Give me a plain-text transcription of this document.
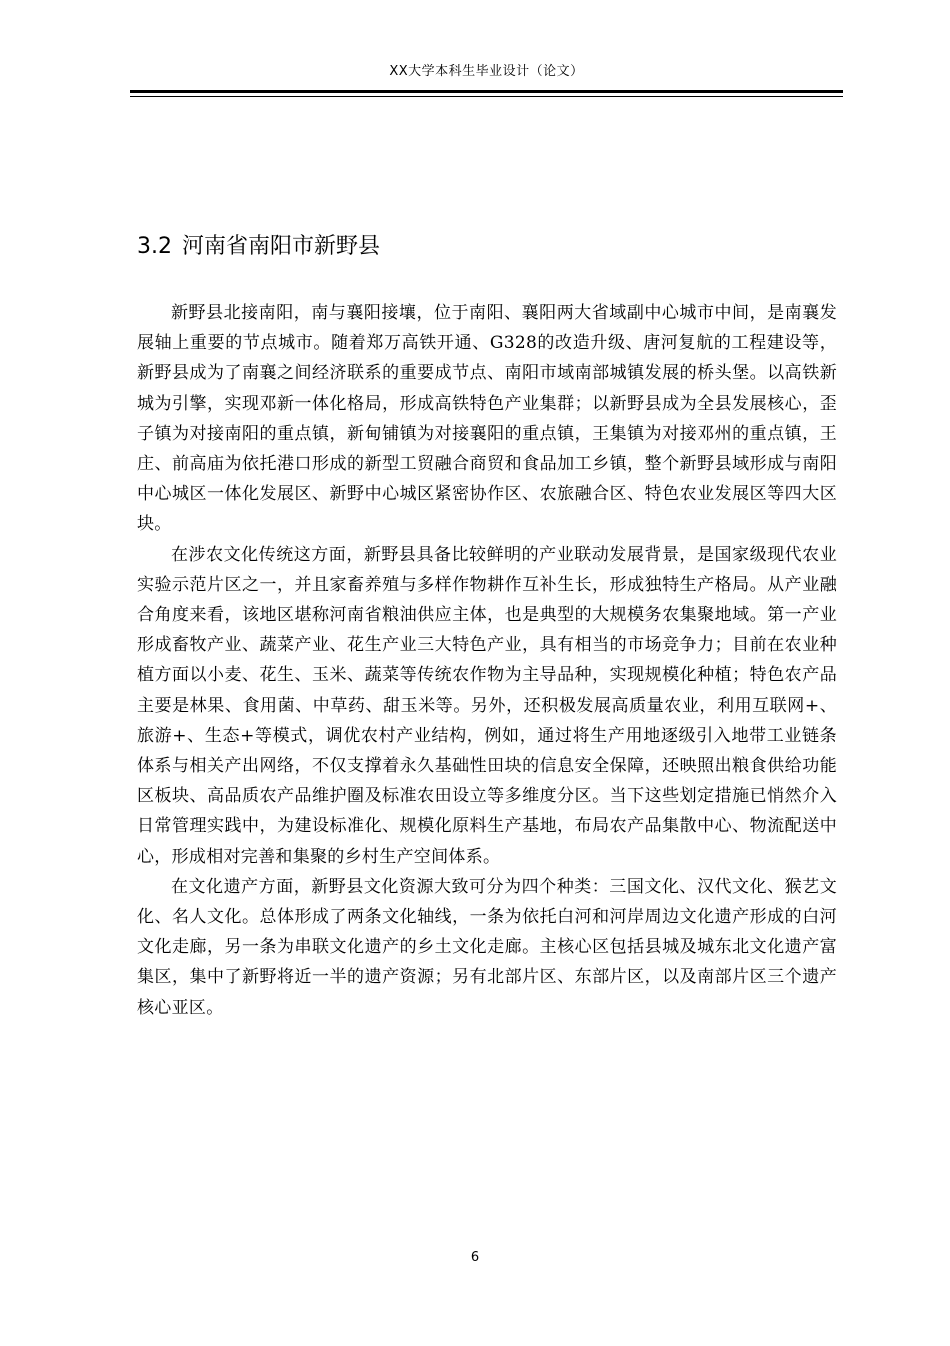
XX大学本科生毕业设计（论文）
3.2 河南省南阳市新野县

新野县北接南阳，南与襄阳接壤，位于南阳、襄阳两大省域副中心城市中间，是南襄发展轴上重要的节点城市。随着郑万高铁开通、G328的改造升级、唐河复航的工程建设等，新野县成为了南襄之间经济联系的重要成节点、南阳市域南部城镇发展的桥头堡。以高铁新城为引擎，实现邓新一体化格局，形成高铁特色产业集群；以新野县成为全县发展核心，歪子镇为对接南阳的重点镇，新甸铺镇为对接襄阳的重点镇，王集镇为对接邓州的重点镇，王庄、前高庙为依托港口形成的新型工贸融合商贸和食品加工乡镇，整个新野县域形成与南阳中心城区一体化发展区、新野中心城区紧密协作区、农旅融合区、特色农业发展区等四大区块。

在涉农文化传统这方面，新野县具备比较鲜明的产业联动发展背景，是国家级现代农业实验示范片区之一，并且家畜养殖与多样作物耕作互补生长，形成独特生产格局。从产业融合角度来看，该地区堪称河南省粮油供应主体，也是典型的大规模务农集聚地域。第一产业形成畜牧产业、蔬菜产业、花生产业三大特色产业，具有相当的市场竞争力；目前在农业种植方面以小麦、花生、玉米、蔬菜等传统农作物为主导品种，实现规模化种植；特色农产品主要是林果、食用菌、中草药、甜玉米等。另外，还积极发展高质量农业，利用互联网+、旅游+、生态+等模式，调优农村产业结构，例如，通过将生产用地逐级引入地带工业链条体系与相关产出网络，不仅支撑着永久基础性田块的信息安全保障，还映照出粮食供给功能区板块、高品质农产品维护圈及标准农田设立等多维度分区。当下这些划定措施已悄然介入日常管理实践中，为建设标准化、规模化原料生产基地，布局农产品集散中心、物流配送中心，形成相对完善和集聚的乡村生产空间体系。

在文化遗产方面，新野县文化资源大致可分为四个种类：三国文化、汉代文化、猴艺文化、名人文化。总体形成了两条文化轴线，一条为依托白河和河岸周边文化遗产形成的白河文化走廊，另一条为串联文化遗产的乡土文化走廊。主核心区包括县城及城东北文化遗产富集区，集中了新野将近一半的遗产资源；另有北部片区、东部片区，以及南部片区三个遗产核心亚区。

6
